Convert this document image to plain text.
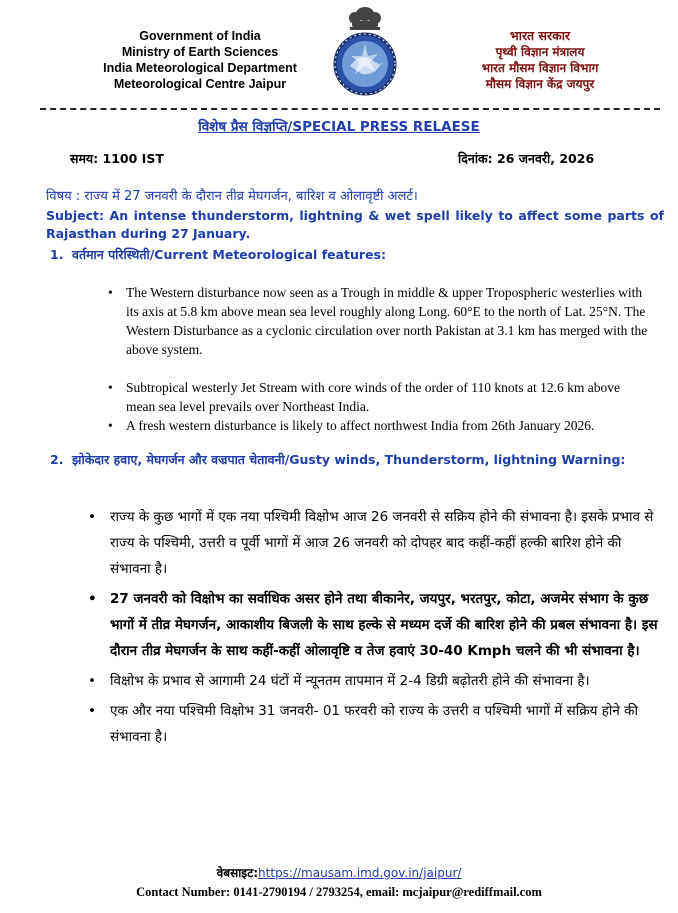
Government of India
Ministry of Earth Sciences
India Meteorological Department
Meteorological Centre Jaipur
भारत सरकार
पृथ्वी विज्ञान मंत्रालय
भारत मौसम विज्ञान विभाग
मौसम विज्ञान केंद्र जयपुर
विशेष प्रैस विज्ञप्ति/SPECIAL PRESS RELAESE
समय: 1100 IST	दिनांक: 26 जनवरी, 2026
विषय : राज्य में 27 जनवरी के दौरान तीव्र मेघगर्जन, बारिश व ओलावृष्टी अलर्ट।
Subject: An intense thunderstorm, lightning & wet spell likely to affect some parts of Rajasthan during 27 January.
1. वर्तमान परिस्थिती/Current Meteorological features:
• The Western disturbance now seen as a Trough in middle & upper Tropospheric westerlies with its axis at 5.8 km above mean sea level roughly along Long. 60°E to the north of Lat. 25°N. The Western Disturbance as a cyclonic circulation over north Pakistan at 3.1 km has merged with the above system.
• Subtropical westerly Jet Stream with core winds of the order of 110 knots at 12.6 km above mean sea level prevails over Northeast India.
• A fresh western disturbance is likely to affect northwest India from 26th January 2026.
2. झोकेदार हवाए, मेघगर्जन और वज्रपात चेतावनी/Gusty winds, Thunderstorm, lightning Warning:
• राज्य के कुछ भागों में एक नया पश्चिमी विक्षोभ आज 26 जनवरी से सक्रिय होने की संभावना है। इसके प्रभाव से राज्य के पश्चिमी, उत्तरी व पूर्वी भागों में आज 26 जनवरी को दोपहर बाद कहीं-कहीं हल्की बारिश होने की संभावना है।
• 27 जनवरी को विक्षोभ का सर्वाधिक असर होने तथा बीकानेर, जयपुर, भरतपुर, कोटा, अजमेर संभाग के कुछ भागों में तीव्र मेघगर्जन, आकाशीय बिजली के साथ हल्के से मध्यम दर्जे की बारिश होने की प्रबल संभावना है। इस दौरान तीव्र मेघगर्जन के साथ कहीं-कहीं ओलावृष्टि व तेज हवाएं 30-40 Kmph चलने की भी संभावना है।
• विक्षोभ के प्रभाव से आगामी 24 घंटों में न्यूनतम तापमान में 2-4 डिग्री बढ़ोतरी होने की संभावना है।
• एक और नया पश्चिमी विक्षोभ 31 जनवरी- 01 फरवरी को राज्य के उत्तरी व पश्चिमी भागों में सक्रिय होने की संभावना है।
वेबसाइट:https://mausam.imd.gov.in/jaipur/
Contact Number: 0141-2790194 / 2793254, email: mcjaipur@rediffmail.com
